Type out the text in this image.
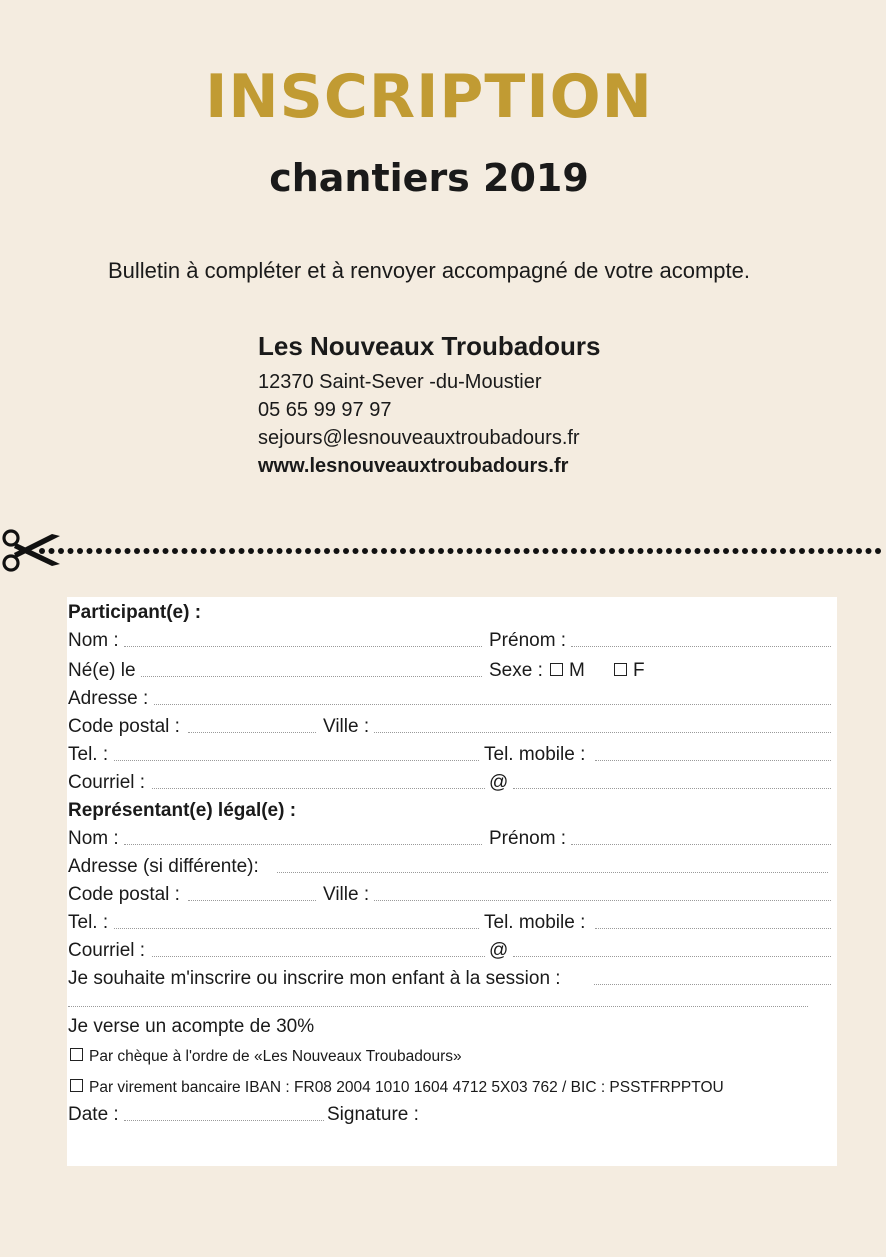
INSCRIPTION
chantiers 2019

Bulletin à compléter et à renvoyer accompagné de votre acompte.

Les Nouveaux Troubadours

12370 Saint-Sever -du-Moustier

05 65 99 97 97

sejours@lesnouveauxtroubadours.fr

www.lesnouveauxtroubadours.fr

Participant(e) :
Nom :	Prénom :
Né(e) le	Sexe :	M	F
Adresse :
Code postal :	Ville :
Tel. :	Tel. mobile :
Courriel :	@
Représentant(e) légal(e) :
Nom :	Prénom :
Adresse (si différente):
Code postal :	Ville :
Tel. :	Tel. mobile :
Courriel :	@
Je souhaite m'inscrire ou inscrire mon enfant à la session :
Je verse un acompte de 30%
Par chèque à l'ordre de «Les Nouveaux Troubadours»
Par virement bancaire IBAN : FR08 2004 1010 1604 4712 5X03 762 / BIC : PSSTFRPPTOU
Date :	Signature :
